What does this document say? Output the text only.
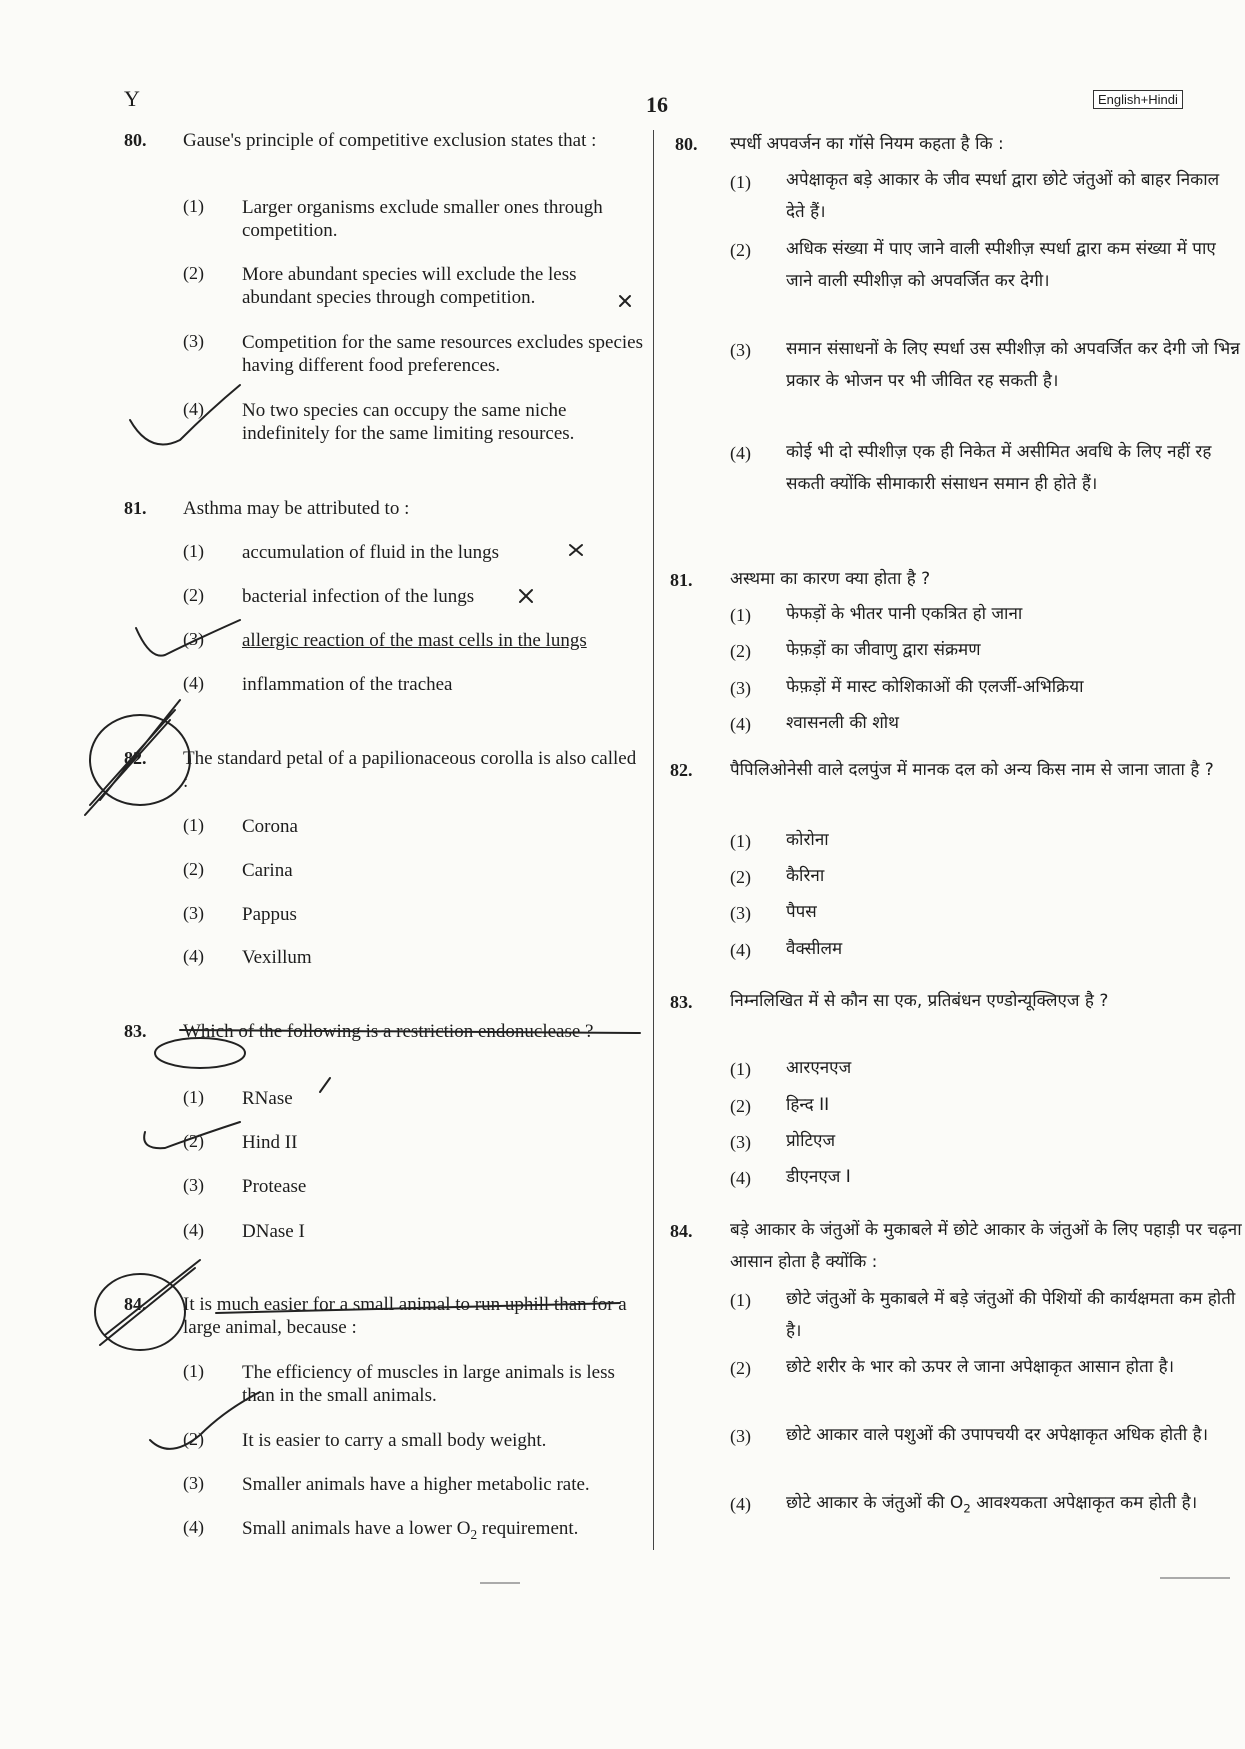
Y	16	English+Hindi
80. Gause's principle of competitive exclusion states that :
(1) Larger organisms exclude smaller ones through competition.
(2) More abundant species will exclude the less abundant species through competition.
(3) Competition for the same resources excludes species having different food preferences.
(4) No two species can occupy the same niche indefinitely for the same limiting resources.
81. Asthma may be attributed to :
(1) accumulation of fluid in the lungs
(2) bacterial infection of the lungs
(3) allergic reaction of the mast cells in the lungs
(4) inflammation of the trachea
82. The standard petal of a papilionaceous corolla is also called :
(1) Corona
(2) Carina
(3) Pappus
(4) Vexillum
83. Which of the following is a restriction endonuclease ?
(1) RNase
(2) Hind II
(3) Protease
(4) DNase I
84. It is much easier for a small animal to run uphill than for a large animal, because :
(1) The efficiency of muscles in large animals is less than in the small animals.
(2) It is easier to carry a small body weight.
(3) Smaller animals have a higher metabolic rate.
(4) Small animals have a lower $O_2$ requirement.
80. स्पर्धी अपवर्जन का गॉसे नियम कहता है कि :
(1) अपेक्षाकृत बड़े आकार के जीव स्पर्धा द्वारा छोटे जंतुओं को बाहर निकाल देते हैं।
(2) अधिक संख्या में पाए जाने वाली स्पीशीज़ स्पर्धा द्वारा कम संख्या में पाए जाने वाली स्पीशीज़ को अपवर्जित कर देगी।
(3) समान संसाधनों के लिए स्पर्धा उस स्पीशीज़ को अपवर्जित कर देगी जो भिन्न प्रकार के भोजन पर भी जीवित रह सकती है।
(4) कोई भी दो स्पीशीज़ एक ही निकेत में असीमित अवधि के लिए नहीं रह सकती क्योंकि सीमाकारी संसाधन समान ही होते हैं।
81. अस्थमा का कारण क्या होता है ?
(1) फेफड़ों के भीतर पानी एकत्रित हो जाना
(2) फेफ़ड़ों का जीवाणु द्वारा संक्रमण
(3) फेफ़ड़ों में मास्ट कोशिकाओं की एलर्जी-अभिक्रिया
(4) श्वासनली की शोथ
82. पैपिलिओनेसी वाले दलपुंज में मानक दल को अन्य किस नाम से जाना जाता है ?
(1) कोरोना
(2) कैरिना
(3) पैपस
(4) वैक्सीलम
83. निम्नलिखित में से कौन सा एक, प्रतिबंधन एण्डोन्यूक्लिएज है ?
(1) आरएनएज
(2) हिन्द II
(3) प्रोटिएज
(4) डीएनएज I
84. बड़े आकार के जंतुओं के मुकाबले में छोटे आकार के जंतुओं के लिए पहाड़ी पर चढ़ना आसान होता है क्योंकि :
(1) छोटे जंतुओं के मुकाबले में बड़े जंतुओं की पेशियों की कार्यक्षमता कम होती है।
(2) छोटे शरीर के भार को ऊपर ले जाना अपेक्षाकृत आसान होता है।
(3) छोटे आकार वाले पशुओं की उपापचयी दर अपेक्षाकृत अधिक होती है।
(4) छोटे आकार के जंतुओं की $O_2$ आवश्यकता अपेक्षाकृत कम होती है।
